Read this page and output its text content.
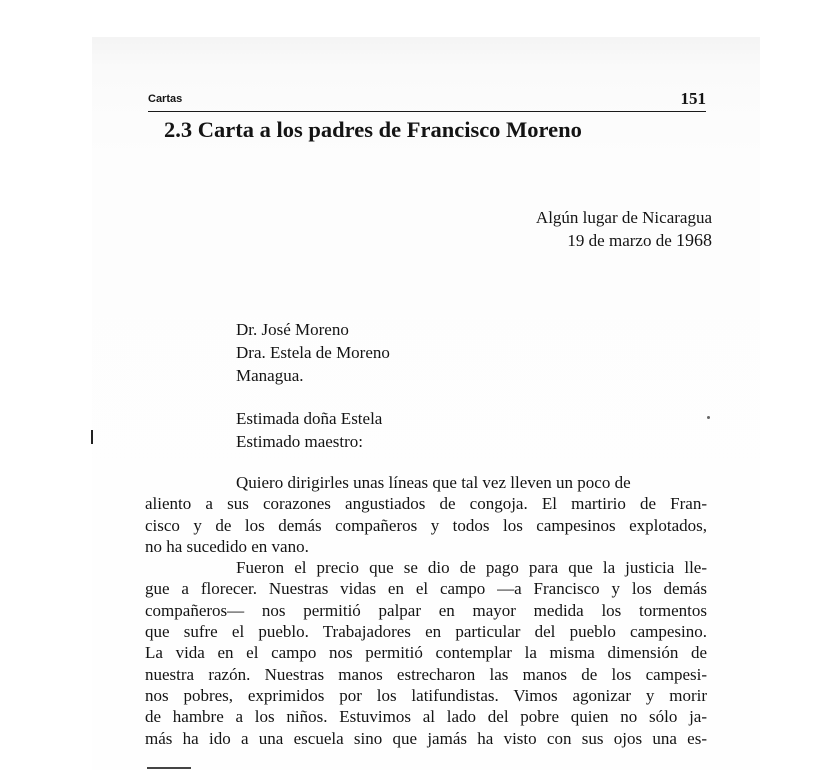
Cartas	151
2.3 Carta a los padres de Francisco Moreno
Algún lugar de Nicaragua
19 de marzo de 1968
Dr. José Moreno
Dra. Estela de Moreno
Managua.
Estimada doña Estela
Estimado maestro:
Quiero dirigirles unas líneas que tal vez lleven un poco de
aliento a sus corazones angustiados de congoja. El martirio de Fran-
cisco y de los demás compañeros y todos los campesinos explotados,
no ha sucedido en vano.
Fueron el precio que se dio de pago para que la justicia lle-
gue a florecer. Nuestras vidas en el campo —a Francisco y los demás
compañeros— nos permitió palpar en mayor medida los tormentos
que sufre el pueblo. Trabajadores en particular del pueblo campesino.
La vida en el campo nos permitió contemplar la misma dimensión de
nuestra razón. Nuestras manos estrecharon las manos de los campesi-
nos pobres, exprimidos por los latifundistas. Vimos agonizar y morir
de hambre a los niños. Estuvimos al lado del pobre quien no sólo ja-
más ha ido a una escuela sino que jamás ha visto con sus ojos una es-
